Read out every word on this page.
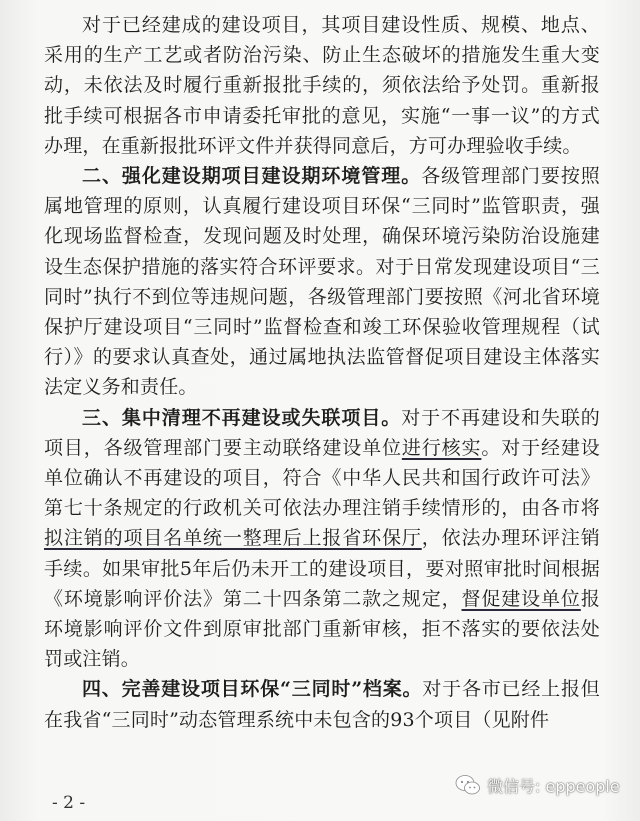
对于已经建成的建设项目，其项目建设性质、规模、地点、采用的生产工艺或者防治污染、防止生态破坏的措施发生重大变动，未依法及时履行重新报批手续的，须依法给予处罚。重新报批手续可根据各市申请委托审批的意见，实施“一事一议”的方式办理，在重新报批环评文件并获得同意后，方可办理验收手续。

二、强化建设期项目建设期环境管理。各级管理部门要按照属地管理的原则，认真履行建设项目环保“三同时”监管职责，强化现场监督检查，发现问题及时处理，确保环境污染防治设施建设生态保护措施的落实符合环评要求。对于日常发现建设项目“三同时”执行不到位等违规问题，各级管理部门要按照《河北省环境保护厅建设项目“三同时”监督检查和竣工环保验收管理规程（试行）》的要求认真查处，通过属地执法监管督促项目建设主体落实法定义务和责任。

三、集中清理不再建设或失联项目。对于不再建设和失联的项目，各级管理部门要主动联络建设单位进行核实。对于经建设单位确认不再建设的项目，符合《中华人民共和国行政许可法》第七十条规定的行政机关可依法办理注销手续情形的，由各市将拟注销的项目名单统一整理后上报省环保厅，依法办理环评注销手续。如果审批5年后仍未开工的建设项目，要对照审批时间根据《环境影响评价法》第二十四条第二款之规定，督促建设单位报环境影响评价文件到原审批部门重新审核，拒不落实的要依法处罚或注销。

四、完善建设项目环保“三同时”档案。对于各市已经上报但在我省“三同时”动态管理系统中未包含的93个项目（见附件

- 2 -
微信号: eppeople
